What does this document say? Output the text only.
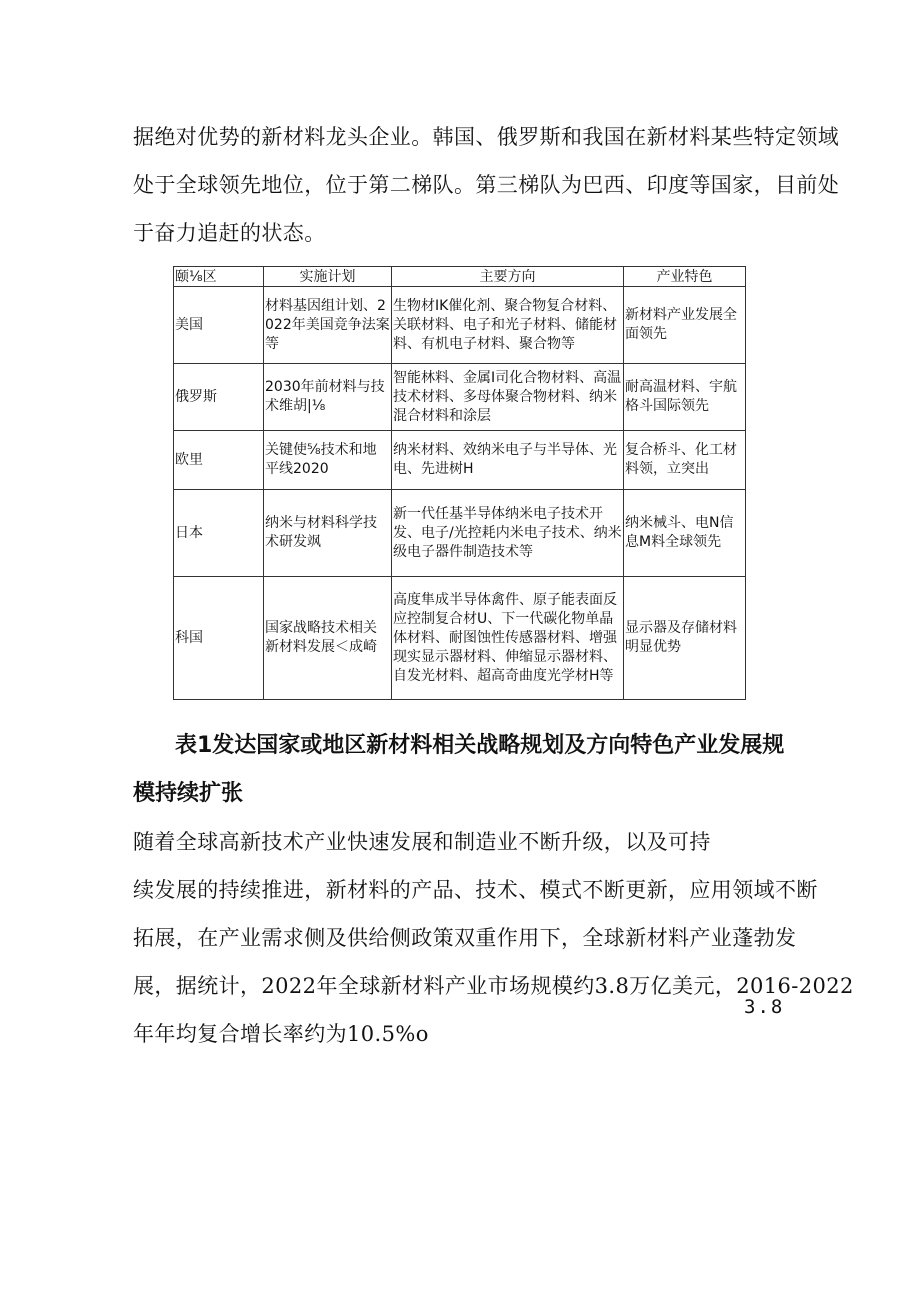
据绝对优势的新材料龙头企业。韩国、俄罗斯和我国在新材料某些特定领域
处于全球领先地位，位于第二梯队。第三梯队为巴西、印度等国家，目前处
于奋力追赶的状态。
颐⅛区	实施计划	主要方向	产业特色
美国	材料基因组计划、2022年美国竞争法案等	生物材IK催化剂、聚合物复合材料、关联材料、电子和光子材料、储能材料、有机电子材料、聚合物等	新材料产业发展全面领先

俄罗斯	2030年前材料与技术维胡|⅛	智能林料、金属I司化合物材料、高温技术材料、多母体聚合物材料、纳米混合材料和涂层	耐高温材料、宇航格斗国际领先

欧里	关键使⅝技术和地平线2020	纳米材料、效纳米电子与半导体、光电、先进树H	复合桥斗、化工材料领，立突出

日本	纳米与材料科学技术研发飒	新一代任基半导体纳米电子技术开发、电子/光控耗内米电子技术、纳米级电子器件制造技术等	纳米械斗、电N信息M料全球领先

科国	国家战略技术相关新材料发展＜成崎	高度隼成半导体禽件、原子能表面反应控制复合材U、下一代碳化物单晶体材料、耐图蚀性传感器材料、增强现实显示器材料、伸缩显示器材料、自发光材料、超高奇曲度光学材H等	显示器及存储材料明显优势
表1发达国家或地区新材料相关战略规划及方向特色产业发展规
模持续扩张
随着全球高新技术产业快速发展和制造业不断升级，以及可持
续发展的持续推进，新材料的产品、技术、模式不断更新，应用领域不断
拓展，在产业需求侧及供给侧政策双重作用下，全球新材料产业蓬勃发
展，据统计，2022年全球新材料产业市场规模约3.8万亿美元，2016-2022
年年均复合增长率约为10.5%o
3.8
